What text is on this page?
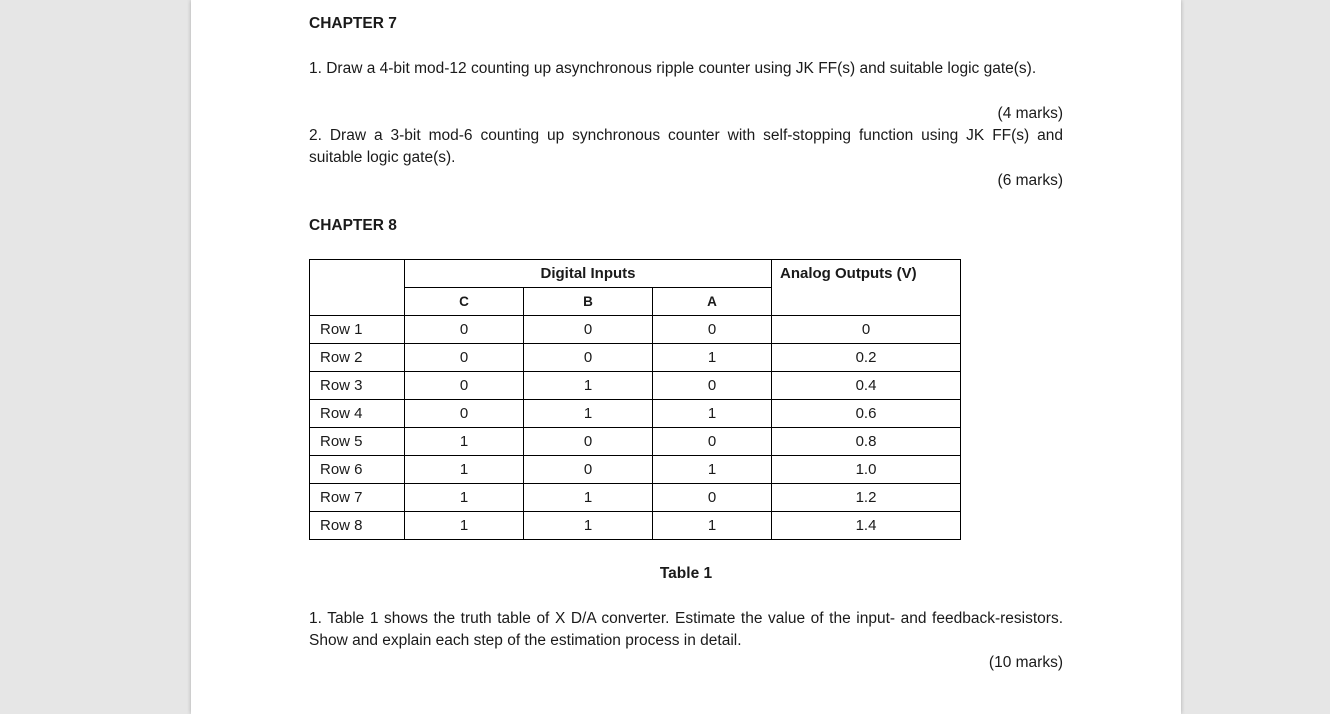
CHAPTER 7
1. Draw a 4-bit mod-12 counting up asynchronous ripple counter using JK FF(s) and suitable logic gate(s).
(4 marks)
2. Draw a 3-bit mod-6 counting up synchronous counter with self-stopping function using JK FF(s) and suitable logic gate(s).
(6 marks)
CHAPTER 8
		Digital Inputs		Analog Outputs (V)
	C	B	A	
Row 1	0	0	0	0
Row 2	0	0	1	0.2
Row 3	0	1	0	0.4
Row 4	0	1	1	0.6
Row 5	1	0	0	0.8
Row 6	1	0	1	1.0
Row 7	1	1	0	1.2
Row 8	1	1	1	1.4
Table 1
1. Table 1 shows the truth table of X D/A converter. Estimate the value of the input- and feedback-resistors. Show and explain each step of the estimation process in detail.
(10 marks)
